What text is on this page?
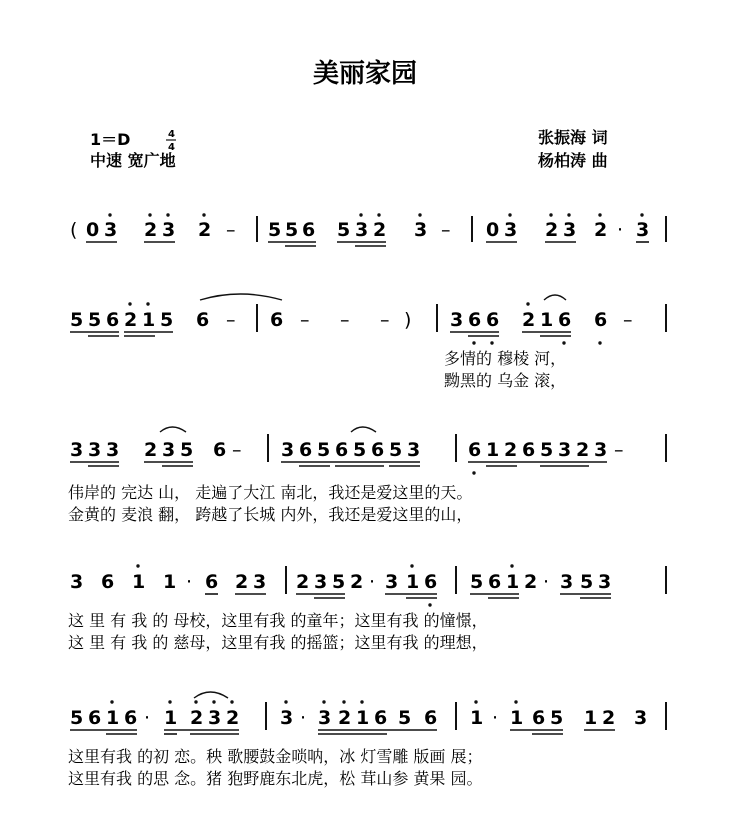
美丽家园
1＝D	4
4
中速 宽广地
张振海 词
杨柏涛 曲
( 0 3 2 3 2 – 5 5 6 5 3 2 3 – 0 3 2 3 2 · 3
5 5 6 2 1 5 6 – 6 – – – ) 3 6 6 2 1 6 6 –
多情的 穆棱 河，
黝黑的 乌金 滚，
3 3 3 2 3 5 6 – 3 6 5 6 5 6 5 3	6 1 2 6 5 3 2 3 –
伟岸的 完达 山， 走遍了大江 南北，我还是爱这里的天。
金黄的 麦浪 翻， 跨越了长城 内外，我还是爱这里的山，
3 6 1 1 · 6 2 3 2 3 5 2 · 3 1 6 5 6 1 2 · 3 5 3
这 里 有 我 的 母校，这里有我 的童年；这里有我 的憧憬，
这 里 有 我 的 慈母，这里有我 的摇篮；这里有我 的理想，
5 6 1 6 · 1 2 3 2 3 · 3 2 1 6 5 6 1 · 1 6 5 1 2 3
这里有我 的初 恋。秧 歌腰鼓金唢呐，冰 灯雪雕 版画 展；
这里有我 的思 念。猪 狍野鹿东北虎，松 茸山参 黄果 园。
